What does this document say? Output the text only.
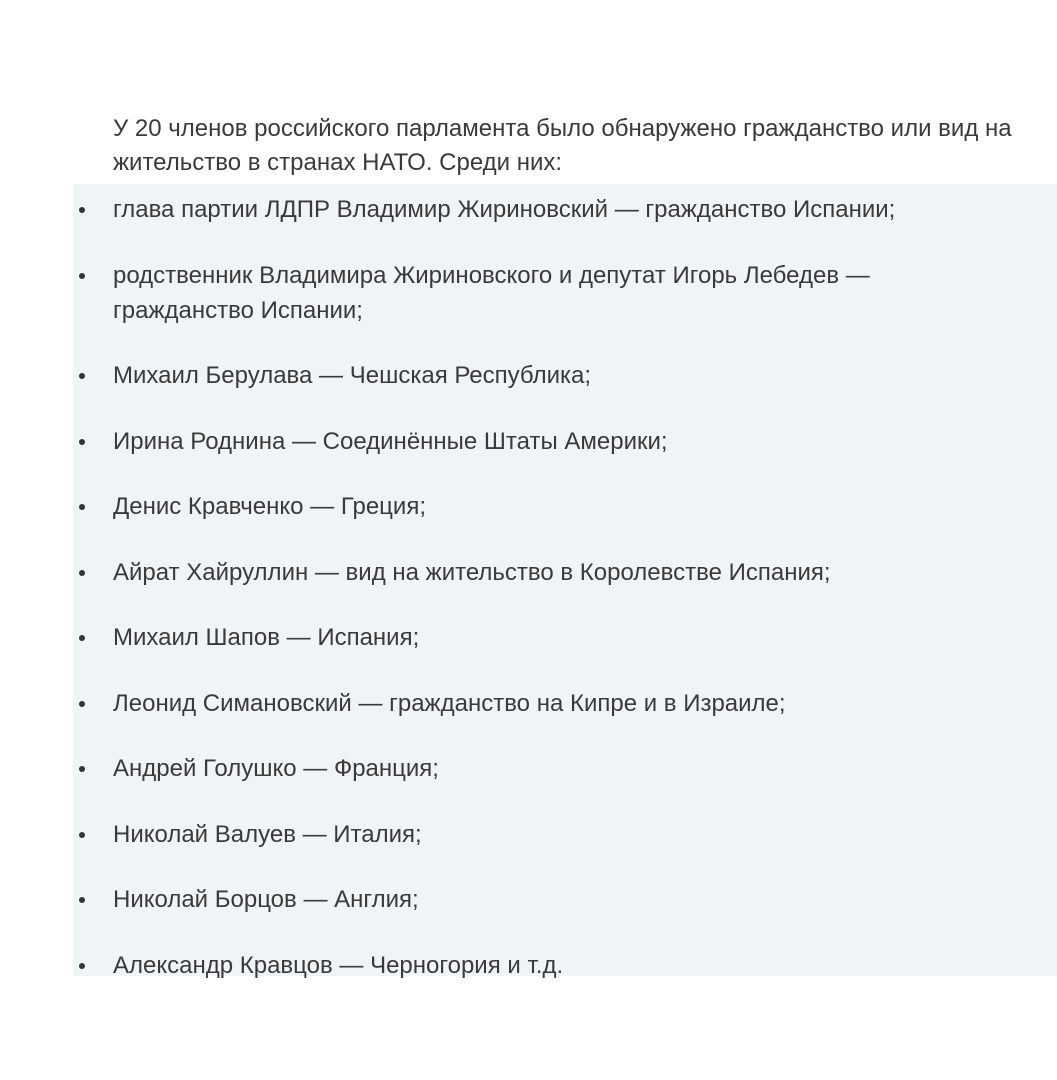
У 20 членов российского парламента было обнаружено гражданство или вид на жительство в странах НАТО. Среди них:

глава партии ЛДПР Владимир Жириновский — гражданство Испании;
родственник Владимира Жириновского и депутат Игорь Лебедев — гражданство Испании;
Михаил Берулава — Чешская Республика;
Ирина Роднина — Соединённые Штаты Америки;
Денис Кравченко — Греция;
Айрат Хайруллин — вид на жительство в Королевстве Испания;
Михаил Шапов — Испания;
Леонид Симановский — гражданство на Кипре и в Израиле;
Андрей Голушко — Франция;
Николай Валуев — Италия;
Николай Борцов — Англия;
Александр Кравцов — Черногория и т.д.
